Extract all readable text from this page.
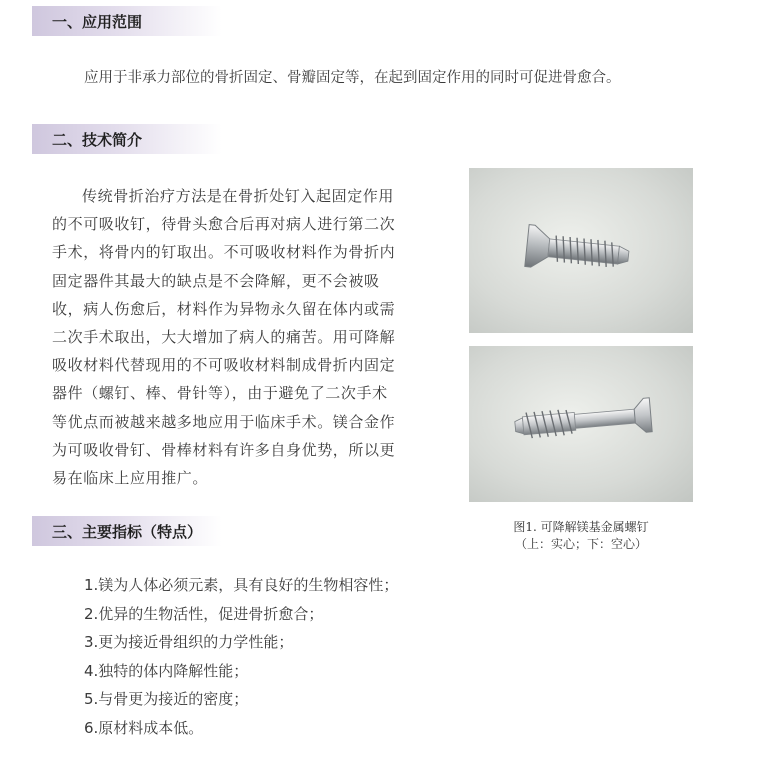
一、应用范围
应用于非承力部位的骨折固定、骨瓣固定等，在起到固定作用的同时可促进骨愈合。
二、技术简介
传统骨折治疗方法是在骨折处钉入起固定作用
的不可吸收钉，待骨头愈合后再对病人进行第二次
手术，将骨内的钉取出。不可吸收材料作为骨折内
固定器件其最大的缺点是不会降解，更不会被吸
收，病人伤愈后，材料作为异物永久留在体内或需
二次手术取出，大大增加了病人的痛苦。用可降解
吸收材料代替现用的不可吸收材料制成骨折内固定
器件（螺钉、棒、骨针等），由于避免了二次手术
等优点而被越来越多地应用于临床手术。镁合金作
为可吸收骨钉、骨棒材料有许多自身优势，所以更
易在临床上应用推广。
图1. 可降解镁基金属螺钉
（上：实心；下：空心）
三、主要指标（特点）
1.镁为人体必须元素，具有良好的生物相容性；
2.优异的生物活性，促进骨折愈合；
3.更为接近骨组织的力学性能；
4.独特的体内降解性能；
5.与骨更为接近的密度；
6.原材料成本低。
